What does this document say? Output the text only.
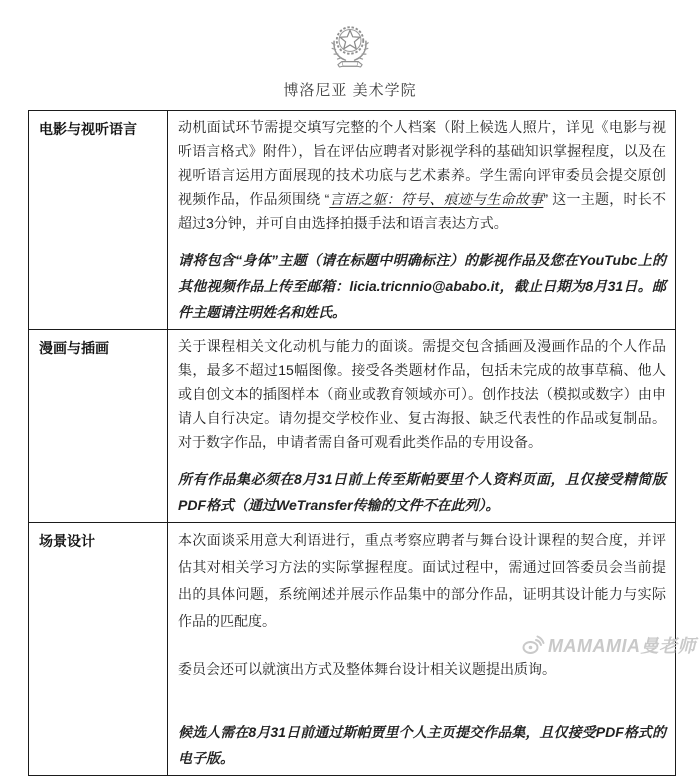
博洛尼亚 美术学院
电影与视听语言	动机面试环节需提交填写完整的个人档案（附上候选人照片，详见《电影与视听语言格式》附件），旨在评估应聘者对影视学科的基础知识掌握程度，以及在视听语言运用方面展现的技术功底与艺术素养。学生需向评审委员会提交原创视频作品，作品须围绕 “言语之躯：符号、痕迹与生命故事” 这一主题，时长不超过3分钟，并可自由选择拍摄手法和语言表达方式。

请将包含“身体”主题（请在标题中明确标注）的影视作品及您在YouTubc上的其他视频作品上传至邮箱：licia.tricnnio@ababo.it，截止日期为8月31日。邮件主题请注明姓名和姓氏。

漫画与插画	关于课程相关文化动机与能力的面谈。需提交包含插画及漫画作品的个人作品集，最多不超过15幅图像。接受各类题材作品，包括未完成的故事草稿、他人或自创文本的插图样本（商业或教育领域亦可）。创作技法（模拟或数字）由申请人自行决定。请勿提交学校作业、复古海报、缺乏代表性的作品或复制品。对于数字作品，申请者需自备可观看此类作品的专用设备。

所有作品集必须在8月31日前上传至斯帕要里个人资料页面，且仅接受精简版PDF格式（通过WeTransfer传输的文件不在此列）。

场景设计	本次面谈采用意大利语进行，重点考察应聘者与舞台设计课程的契合度，并评估其对相关学习方法的实际掌握程度。面试过程中，需通过回答委员会当前提出的具体问题，系统阐述并展示作品集中的部分作品，证明其设计能力与实际作品的匹配度。

委员会还可以就演出方式及整体舞台设计相关议题提出质询。

候选人需在8月31日前通过斯帕贾里个人主页提交作品集，且仅接受PDF格式的电子版。

MAMAMIA曼老师
